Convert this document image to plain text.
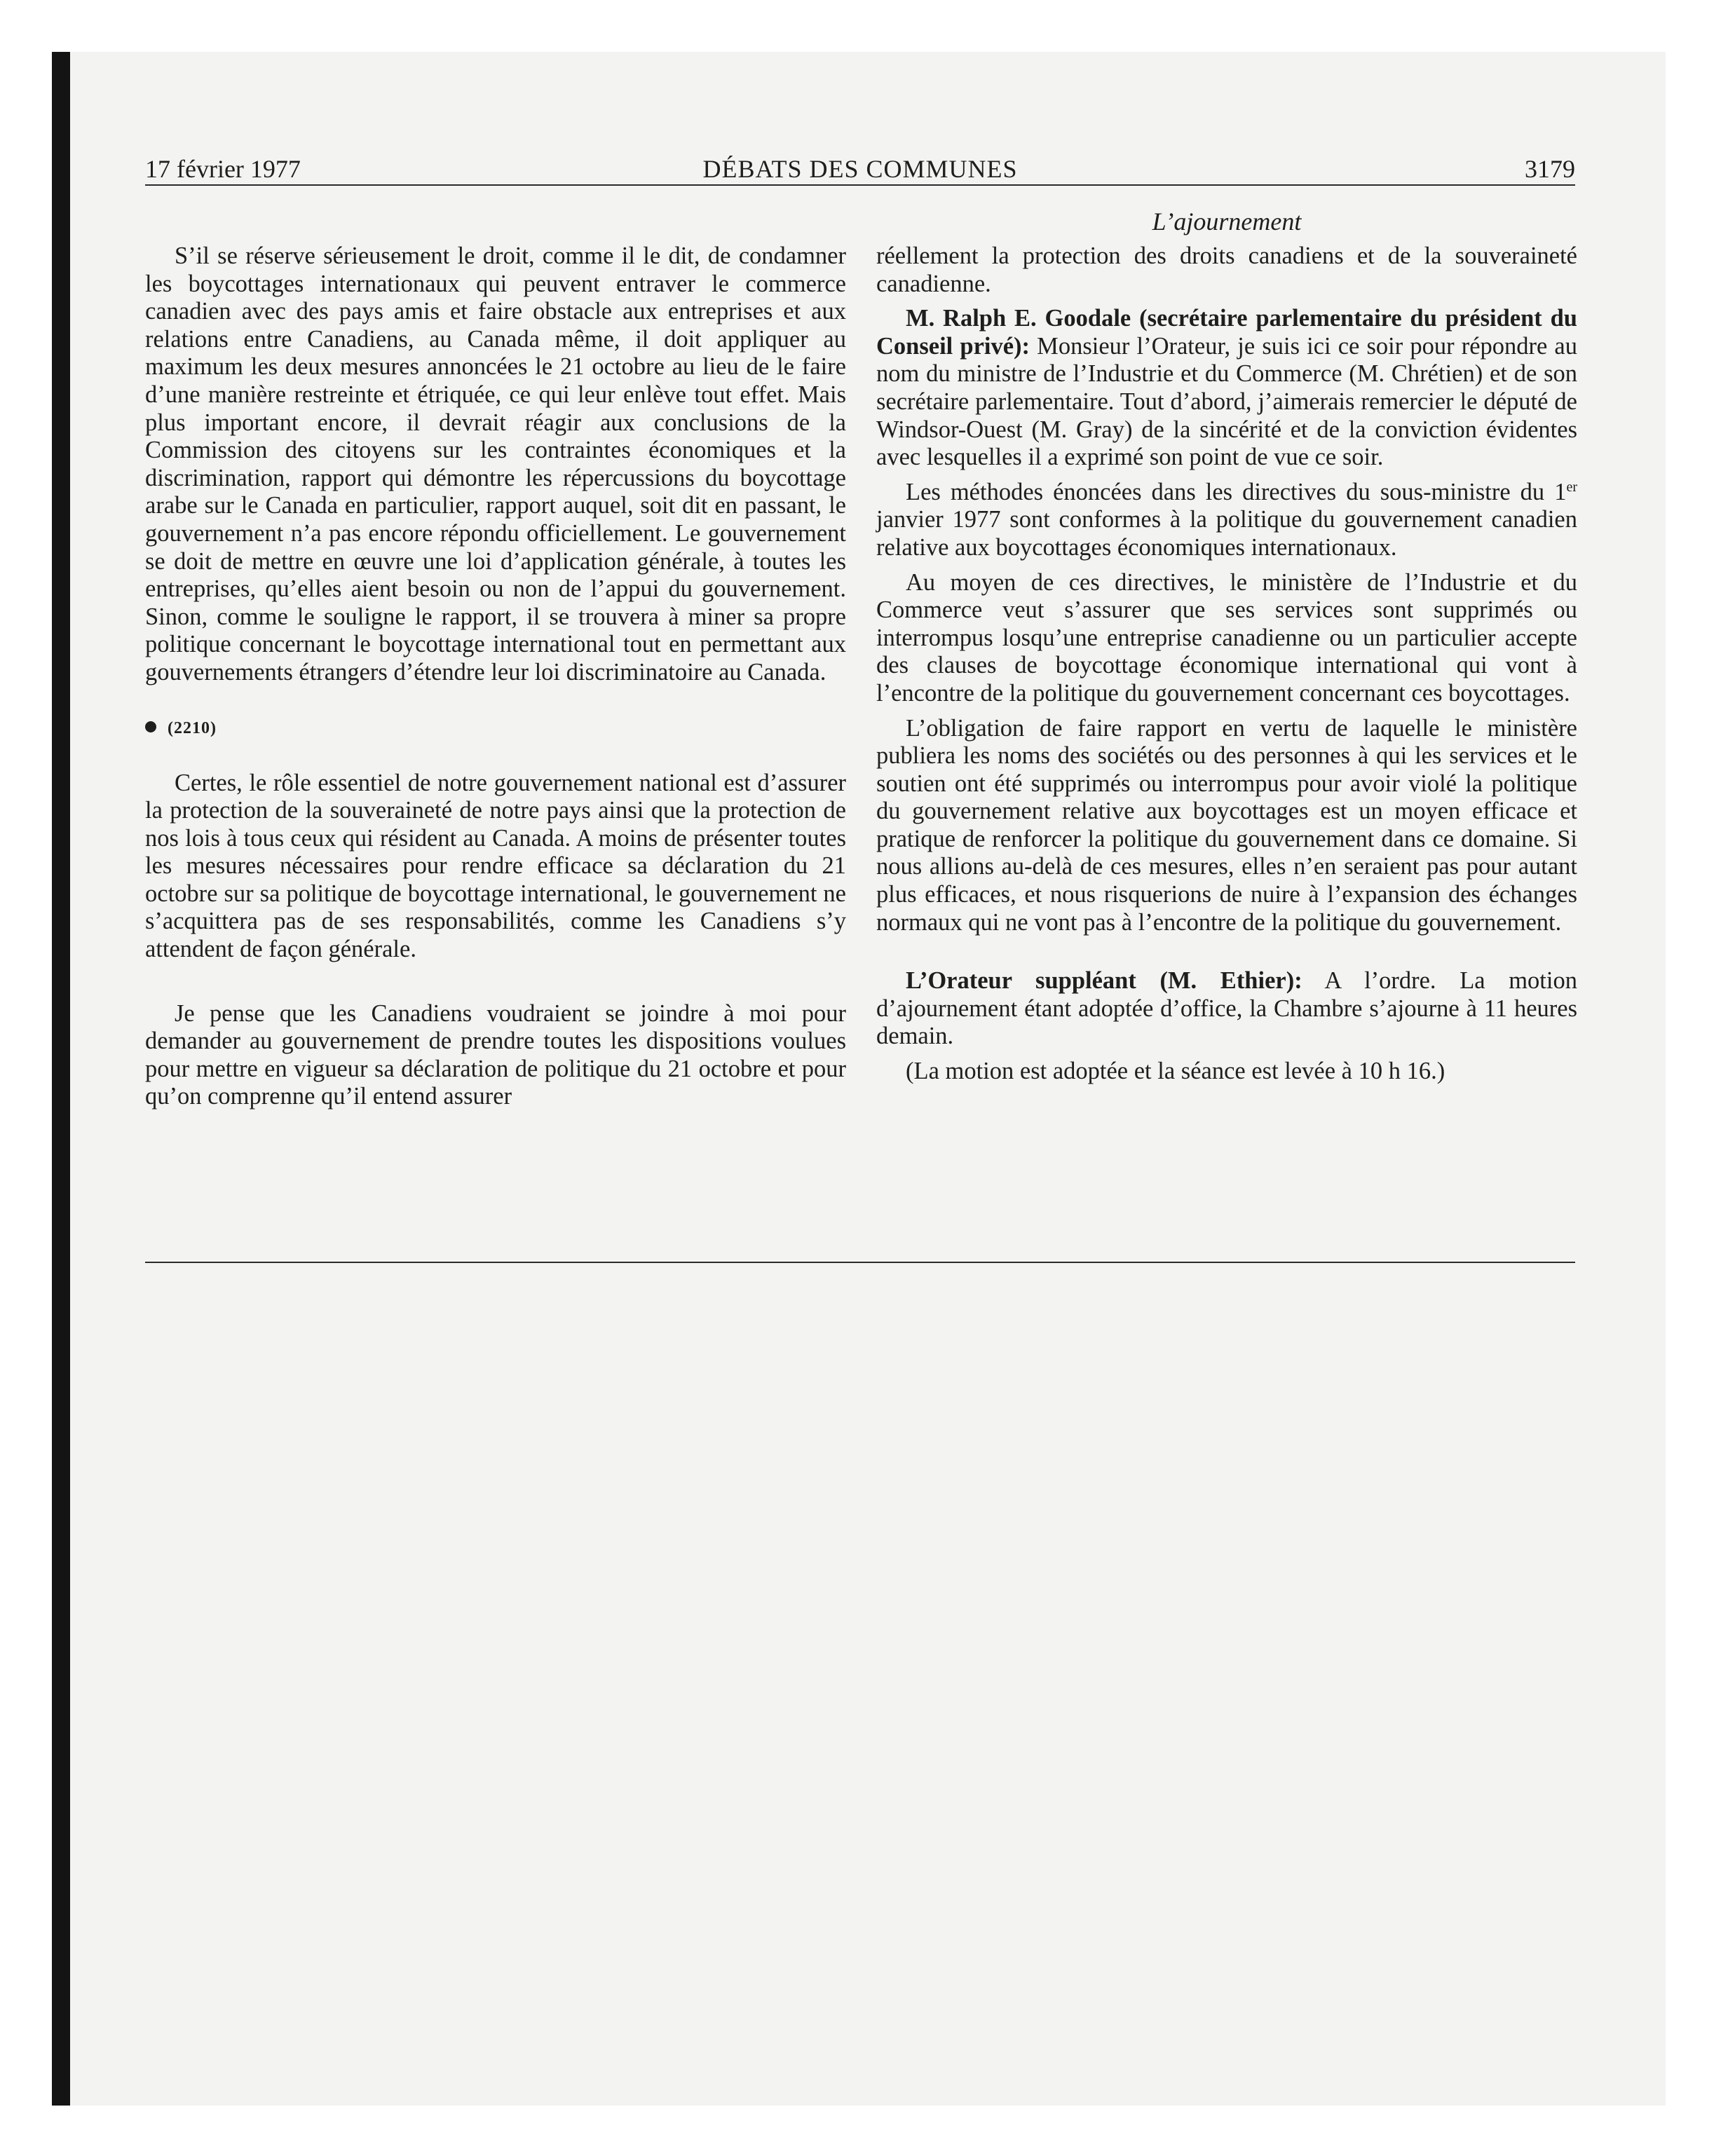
17 février 1977	DÉBATS DES COMMUNES	3179
L’ajournement

S’il se réserve sérieusement le droit, comme il le dit, de condamner les boycottages internationaux qui peuvent entraver le commerce canadien avec des pays amis et faire obstacle aux entreprises et aux relations entre Canadiens, au Canada même, il doit appliquer au maximum les deux mesures annoncées le 21 octobre au lieu de le faire d’une manière restreinte et étriquée, ce qui leur enlève tout effet. Mais plus important encore, il devrait réagir aux conclusions de la Commission des citoyens sur les contraintes économiques et la discrimination, rapport qui démontre les répercussions du boycottage arabe sur le Canada en particulier, rapport auquel, soit dit en passant, le gouvernement n’a pas encore répondu officiellement. Le gouvernement se doit de mettre en œuvre une loi d’application générale, à toutes les entreprises, qu’elles aient besoin ou non de l’appui du gouvernement. Sinon, comme le souligne le rapport, il se trouvera à miner sa propre politique concernant le boycottage international tout en permettant aux gouvernements étrangers d’étendre leur loi discriminatoire au Canada.

(2210)

Certes, le rôle essentiel de notre gouvernement national est d’assurer la protection de la souveraineté de notre pays ainsi que la protection de nos lois à tous ceux qui résident au Canada. A moins de présenter toutes les mesures nécessaires pour rendre efficace sa déclaration du 21 octobre sur sa politique de boycottage international, le gouvernement ne s’acquittera pas de ses responsabilités, comme les Canadiens s’y attendent de façon générale.

Je pense que les Canadiens voudraient se joindre à moi pour demander au gouvernement de prendre toutes les dispositions voulues pour mettre en vigueur sa déclaration de politique du 21 octobre et pour qu’on comprenne qu’il entend assurer

réellement la protection des droits canadiens et de la souveraineté canadienne.

M. Ralph E. Goodale (secrétaire parlementaire du président du Conseil privé): Monsieur l’Orateur, je suis ici ce soir pour répondre au nom du ministre de l’Industrie et du Commerce (M. Chrétien) et de son secrétaire parlementaire. Tout d’abord, j’aimerais remercier le député de Windsor-Ouest (M. Gray) de la sincérité et de la conviction évidentes avec lesquelles il a exprimé son point de vue ce soir.

Les méthodes énoncées dans les directives du sous-ministre du 1er janvier 1977 sont conformes à la politique du gouvernement canadien relative aux boycottages économiques internationaux.

Au moyen de ces directives, le ministère de l’Industrie et du Commerce veut s’assurer que ses services sont supprimés ou interrompus losqu’une entreprise canadienne ou un particulier accepte des clauses de boycottage économique international qui vont à l’encontre de la politique du gouvernement concernant ces boycottages.

L’obligation de faire rapport en vertu de laquelle le ministère publiera les noms des sociétés ou des personnes à qui les services et le soutien ont été supprimés ou interrompus pour avoir violé la politique du gouvernement relative aux boycottages est un moyen efficace et pratique de renforcer la politique du gouvernement dans ce domaine. Si nous allions au-delà de ces mesures, elles n’en seraient pas pour autant plus efficaces, et nous risquerions de nuire à l’expansion des échanges normaux qui ne vont pas à l’encontre de la politique du gouvernement.

L’Orateur suppléant (M. Ethier): A l’ordre. La motion d’ajournement étant adoptée d’office, la Chambre s’ajourne à 11 heures demain.

(La motion est adoptée et la séance est levée à 10 h 16.)
